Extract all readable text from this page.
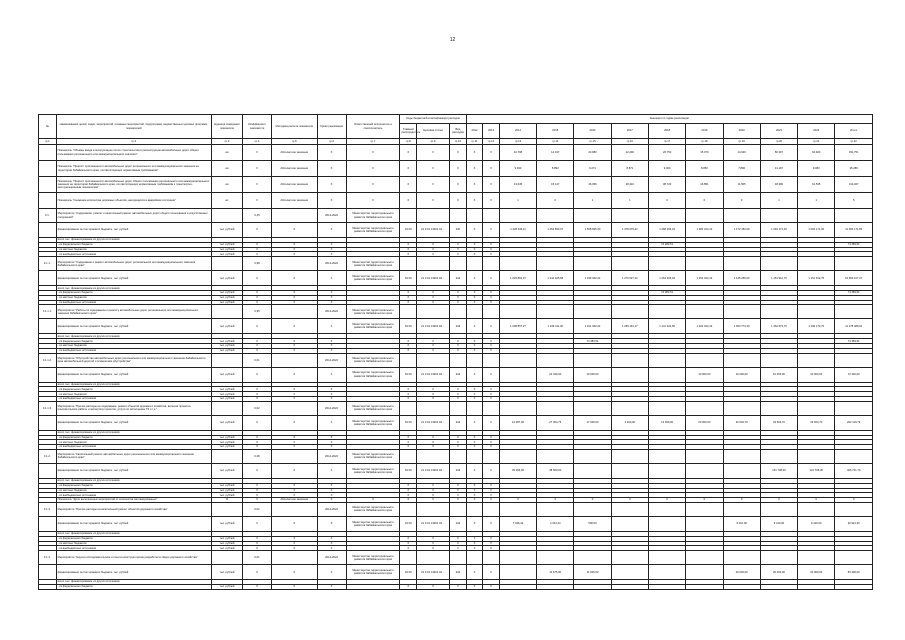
12
№	Наименование целей, задач, мероприятий, основных мероприятий, подпрограмм, ведомственных целевых программ, показателей	Единица измерения показателя	Коэффициент значимости	Методика расчета показателя	Сроки реализации	Ответственный исполнитель и соисполнитель	Коды бюджетной классификации расходов			Значения по годам реализации											
							Главный распорядитель	Целевая статья	Вид расходов	2012	2013	2014	2015	2016	2017	2018	2019	2020	2021	2022	Итого
гр.1	гр.2	гр.3	гр.4	гр.5	гр.6	гр.7	гр.8	гр.9	гр.10	гр.11	гр.12	гр.13	гр.14	гр.15	гр.16	гр.17	гр.18	гр.19	гр.20	гр.21	гр.22
	Показатель "Объемы ввода в эксплуатацию после строительства и реконструкции автомобильных дорог общего пользования регионального или межмуниципального значения"	км	X	Абсолютное значение	X	X	X	X	X	X	X	42,708	14,197	23,680	22,290	26,750	15,070	14,620	80,397	62,923	331,751
	Показатель "Прирост протяженности автомобильных дорог регионального или межмуниципального значения на территории Забайкальского края, соответствующих нормативным требованиям"	км	X	Абсолютное значение	X	X	X	X	X	X	X	9,933	8,893	9,271	8,871	9,000	8,850	7,890	41,197	9,083	25,286
	Показатель "Прирост протяженности автомобильных дорог общего пользования регионального или межмуниципального значения на территории Забайкальского края, соответствующих нормативным требованиям к транспортно-эксплуатационным показателям"	км	X	Абсолютное значение	X	X	X	X	X	X	X	13,645	15,147	46,359	28,410	38,720	13,851	11,505	48,396	61,535	314,467
	Показатель "Снижение количества дорожных объектов, находящихся в аварийном состоянии"	шт.	X	Абсолютное значение	X	X	X	X	X	X	X	1	0	1	1	0	0	0	1	1	5
3.1.	Мероприятие "Содержание, ремонт и капитальный ремонт автомобильных дорог общего пользования и искусственных сооружений"		0,45		2014-2022	Министерство территориального развития Забайкальского края															
	финансирование за счет краевого бюджета, тыс. рублей	тыс. рублей	X	X	X	Министерство территориального развития Забайкальского края	04 09	21 0 01 13201 04 ...	240	X	X	1 228 336,11	1 452 593,07	1 568 695,20	1 378 079,22	1 268 266,04	1 282 344,13	1 172 452,09	1 094 171,00	1 094 171,00	11 483 171,83
	всего тыс. финансирование из других источников																				
	- из федерального бюджета	тыс. рублей	X	X	X		X	X	X	X	X					74 283,51					74 383,51
	- из местных бюджетов	тыс. рублей	X	X	X		X	X	X	X	X										
	- из внебюджетных источников	тыс. рублей	X	X	X		X	X	X	X	X										
3.1.1.	Мероприятие "Содержание и ремонт автомобильных дорог регионального или межмуниципального значения Забайкальского края"		0,98		2014-2022	Министерство территориального развития Забайкальского края															
	финансирование за счет краевого бюджета, тыс. рублей	тыс. рублей	X	X	X	Министерство территориального развития Забайкальского края	04 09	21 0 01 13201 04 ...	244	X	X	1 029 862,37	1 244 405,68	1 339 332,24	1 270 627,10	1 264 266,04	1 252 344,13	1 145 256,00	1 151 912,70	1 151 912,70	10 654 107,27
	всего тыс. финансирование из других источников																				
	- из федерального бюджета	тыс. рублей	X	X	X		X	X	X	X	X					74 383,51					74 383,51
	- из местных бюджетов	тыс. рублей	X	X	X		X	X	X	X	X										
	- из внебюджетных источников	тыс. рублей	X	X	X		X	X	X	X	X										
3.1.1.1.	Мероприятие "Работы по содержанию и ремонту автомобильных дорог регионального или межмуниципального значения Забайкальского края"		0,95		2014-2022	Министерство территориального развития Забайкальского края															
	финансирование за счет краевого бюджета, тыс. рублей	тыс. рублей	X	X	X	Министерство территориального развития Забайкальского края	04 09	21 0 01 13201 04 ...	243	X	X	1 008 857,27	1 239 411,30	1 161 332,24	1 259 144,17	1 141 224,50	1 022 344,13	1 063 773,30	1 462 673,70	1 466 173,70	11 378 489,34
	всего тыс. финансирование из других источников																				
	- из федерального бюджета	тыс. рублей	X	X	X		X	X	X	X	X			74 383,51							74 383,51
	- из местных бюджетов	тыс. рублей	X	X	X		X	X	X	X	X										
	- из внебюджетных источников	тыс. рублей	X	X	X		X	X	X	X	X										
3.1.1.2.	Мероприятие "Обустройство автомобильных дорог регионального или межмуниципального значения Забайкальского края автомобильной дорогой и элементами обустройства"		0,01		2014-2022	Министерство территориального развития Забайкальского края															
	финансирование за счет краевого бюджета, тыс. рублей	тыс. рублей	X	X	X	Министерство территориального развития Забайкальского края	04 09	21 0 01 13201 04 ...	244	X	X		22 440,00	10 000,00			10 000,00	10 000,00	10 000,00	10 000,00	72 440,00
	всего тыс. финансирование из других источников																				
	- из федерального бюджета	тыс. рублей	X	X	X		X	X	X	X	X										
	- из местных бюджетов	тыс. рублей	X	X	X		X	X	X	X	X										
	- из внебюджетных источников	тыс. рублей	X	X	X		X	X	X	X	X										
3.1.1.3.	Мероприятие "Прочие расходы на содержание, ремонт объектов дорожного хозяйства, включая проектно-изыскательские работы и экспертизу проектов, услуги по исполнению ТЗ и т.д."		0,02		2014-2022	Министерство территориального развития Забайкальского края															
	финансирование за счет краевого бюджета, тыс. рублей	тыс. рублей	X	X	X	Министерство территориального развития Забайкальского края	04 09	21 0 01 13201 04 ...	244	X	X	12 087,00	27 304,75	17 000,00	4 400,00	13 000,00	20 000,00	32 604,70	33 604,70	33 604,70	202 119,79
	всего тыс. финансирование из других источников																				
	- из федерального бюджета	тыс. рублей	X	X	X		X	X	X	X	X										
	- из местных бюджетов	тыс. рублей	X	X	X		X	X	X	X	X										
	- из внебюджетных источников	тыс. рублей	X	X	X		X	X	X	X	X										
3.1.2.	Мероприятие "Капитальный ремонт автомобильных дорог регионального или межмуниципального значения Забайкальского края"		0,28		2014-2022	Министерство территориального развития Забайкальского края															
	финансирование за счет краевого бюджета, тыс. рублей	тыс. рублей	X	X	X	Министерство территориального развития Забайкальского края	04 09	21 0 01 13201 04 ...	243	X	X	39 066,96	48 503,00						131 708,30	131 708,30	406 721,70
	всего тыс. финансирование из других источников																				
	- из федерального бюджета	тыс. рублей	X	X	X		X	X	X	X	X										
	- из местных бюджетов	тыс. рублей	X	X	X		X	X	X	X	X										
	- из внебюджетных источников	тыс. рублей	X	X	X		X	X	X	X	X										
	Показатель "Доля выполненных мероприятий от количества запланированных"	%	X	Абсолютное значение	X	X	X	X	X	X	X	0	0	0	0	0	0	0	0	0	0
3.1.3.	Мероприятие "Прочие расходы на капитальный ремонт объектов дорожного хозяйства"		0,02		2014-2022	Министерство территориального развития Забайкальского края															
	финансирование за счет краевого бюджета, тыс. рублей	тыс. рублей	X	X	X	Министерство территориального развития Забайкальского края	04 09	21 0 01 13201 04 ...	243	X	X	7 336,42	4 344,43	500,00				9 410,00	9 410,00	9 410,00	30 921,30
	всего тыс. финансирование из других источников																				
	- из федерального бюджета	тыс. рублей	X	X	X		X	X	X	X	X										
	- из местных бюджетов	тыс. рублей	X	X	X		X	X	X	X	X										
	- из внебюджетных источников	тыс. рублей	X	X	X		X	X	X	X	X										
3.1.4.	Мероприятие "Научно-исследовательские и опытно-конструкторские разработки в сфере дорожного хозяйства"		0,01		2014-2022	Министерство территориального развития Забайкальского края															
	финансирование за счет краевого бюджета, тыс. рублей	тыс. рублей	X	X	X	Министерство территориального развития Забайкальского края	04 09	21 0 01 13201 04 ...	244	X	X		11 675,00	11 625,00				20 000,00	20 000,00	20 000,00	83 300,00
	всего тыс. финансирование из других источников																				
	- из федерального бюджета	тыс. рублей	X	X	X		X	X	X	X	X										
